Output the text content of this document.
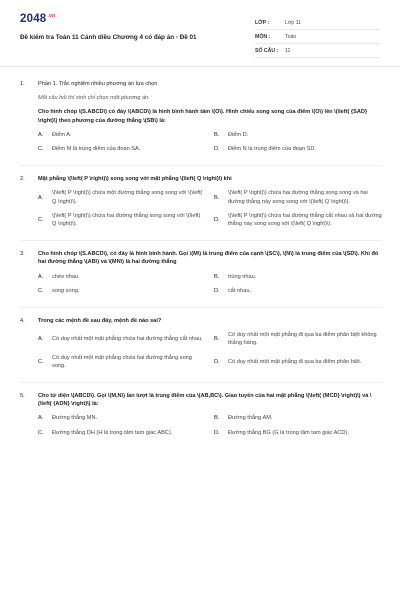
$2048^{.vn}$
Đề kiểm tra Toán 11 Cánh diều Chương 4 có đáp án - Đề 01
LỚP :	Lớp 11
MÔN :	Toán
SỐ CÂU :	11
1. Phần 1. Trắc nghiệm nhiều phương án lựa chọn
Mỗi câu hỏi thí sinh chỉ chọn một phương án.
Cho hình chóp \(S.ABCD\) có đáy \(ABCD\) là hình bình hành tâm \(O\). Hình chiếu song song của điểm \(O\) lên \(\left( {SAD} \right)\) theo phương của đường thẳng \(SB\) là:
A.	Điểm A.	B.	Điểm D.
C.	Điểm M là trung điểm của đoạn SA.	D.	Điểm N là trung điểm của đoạn SD.
2.	Mặt phẳng \(\left( P \right)\) song song với mặt phẳng \(\left( Q \right)\) khi
A.
\(\left( P \right)\) chứa một đường thẳng song song với \(\left( Q \right)\).
B.
\(\left( P \right)\) chứa hai đường thẳng song song và hai đường thẳng này song song với \(\left( Q \right)\).
C.
\(\left( P \right)\) chứa hai đường thẳng song song với \(\left( Q \right)\).
D.
\(\left( P \right)\) chứa hai đường thẳng cắt nhau và hai đường thẳng này song song với \(\left( Q \right)\).
3.	Cho hình chóp \(S.ABCD\), có đáy là hình bình hành. Gọi \(M\) là trung điểm của cạnh \(SC\), \(N\) là trung điểm của \(SD\). Khi đó hai đường thẳng \(AB\) và \(MN\) là hai đường thẳng
A.	chéo nhau.	B.	trùng nhau.
C.	song song.	D.	cắt nhau.
4.	Trong các mệnh đề sau đây, mệnh đề nào sai?
A.	Có duy nhất một mặt phẳng chứa hai đường thẳng cắt nhau. B.
Có duy nhất một mặt phẳng đi qua ba điểm phân biệt không thẳng hàng.
C.
Có duy nhất một mặt phẳng chứa hai đường thẳng song song.
D.	Có duy nhất một mặt phẳng đi qua ba điểm phân biệt.
5.	Cho tứ diện \(ABCD\). Gọi \(M,N\) lần lượt là trung điểm của \(AB,BC\). Giao tuyến của hai mặt phẳng \(\left( {MCD} \right)\) và \(\left( {ADN} \right)\) là:
A.	Đường thẳng MN.	B.	Đường thẳng AM.
C.	Đường thẳng DH (H là trọng tâm tam giác ABC).	D.	Đường thẳng BG (G là trọng tâm tam giác ACD).
